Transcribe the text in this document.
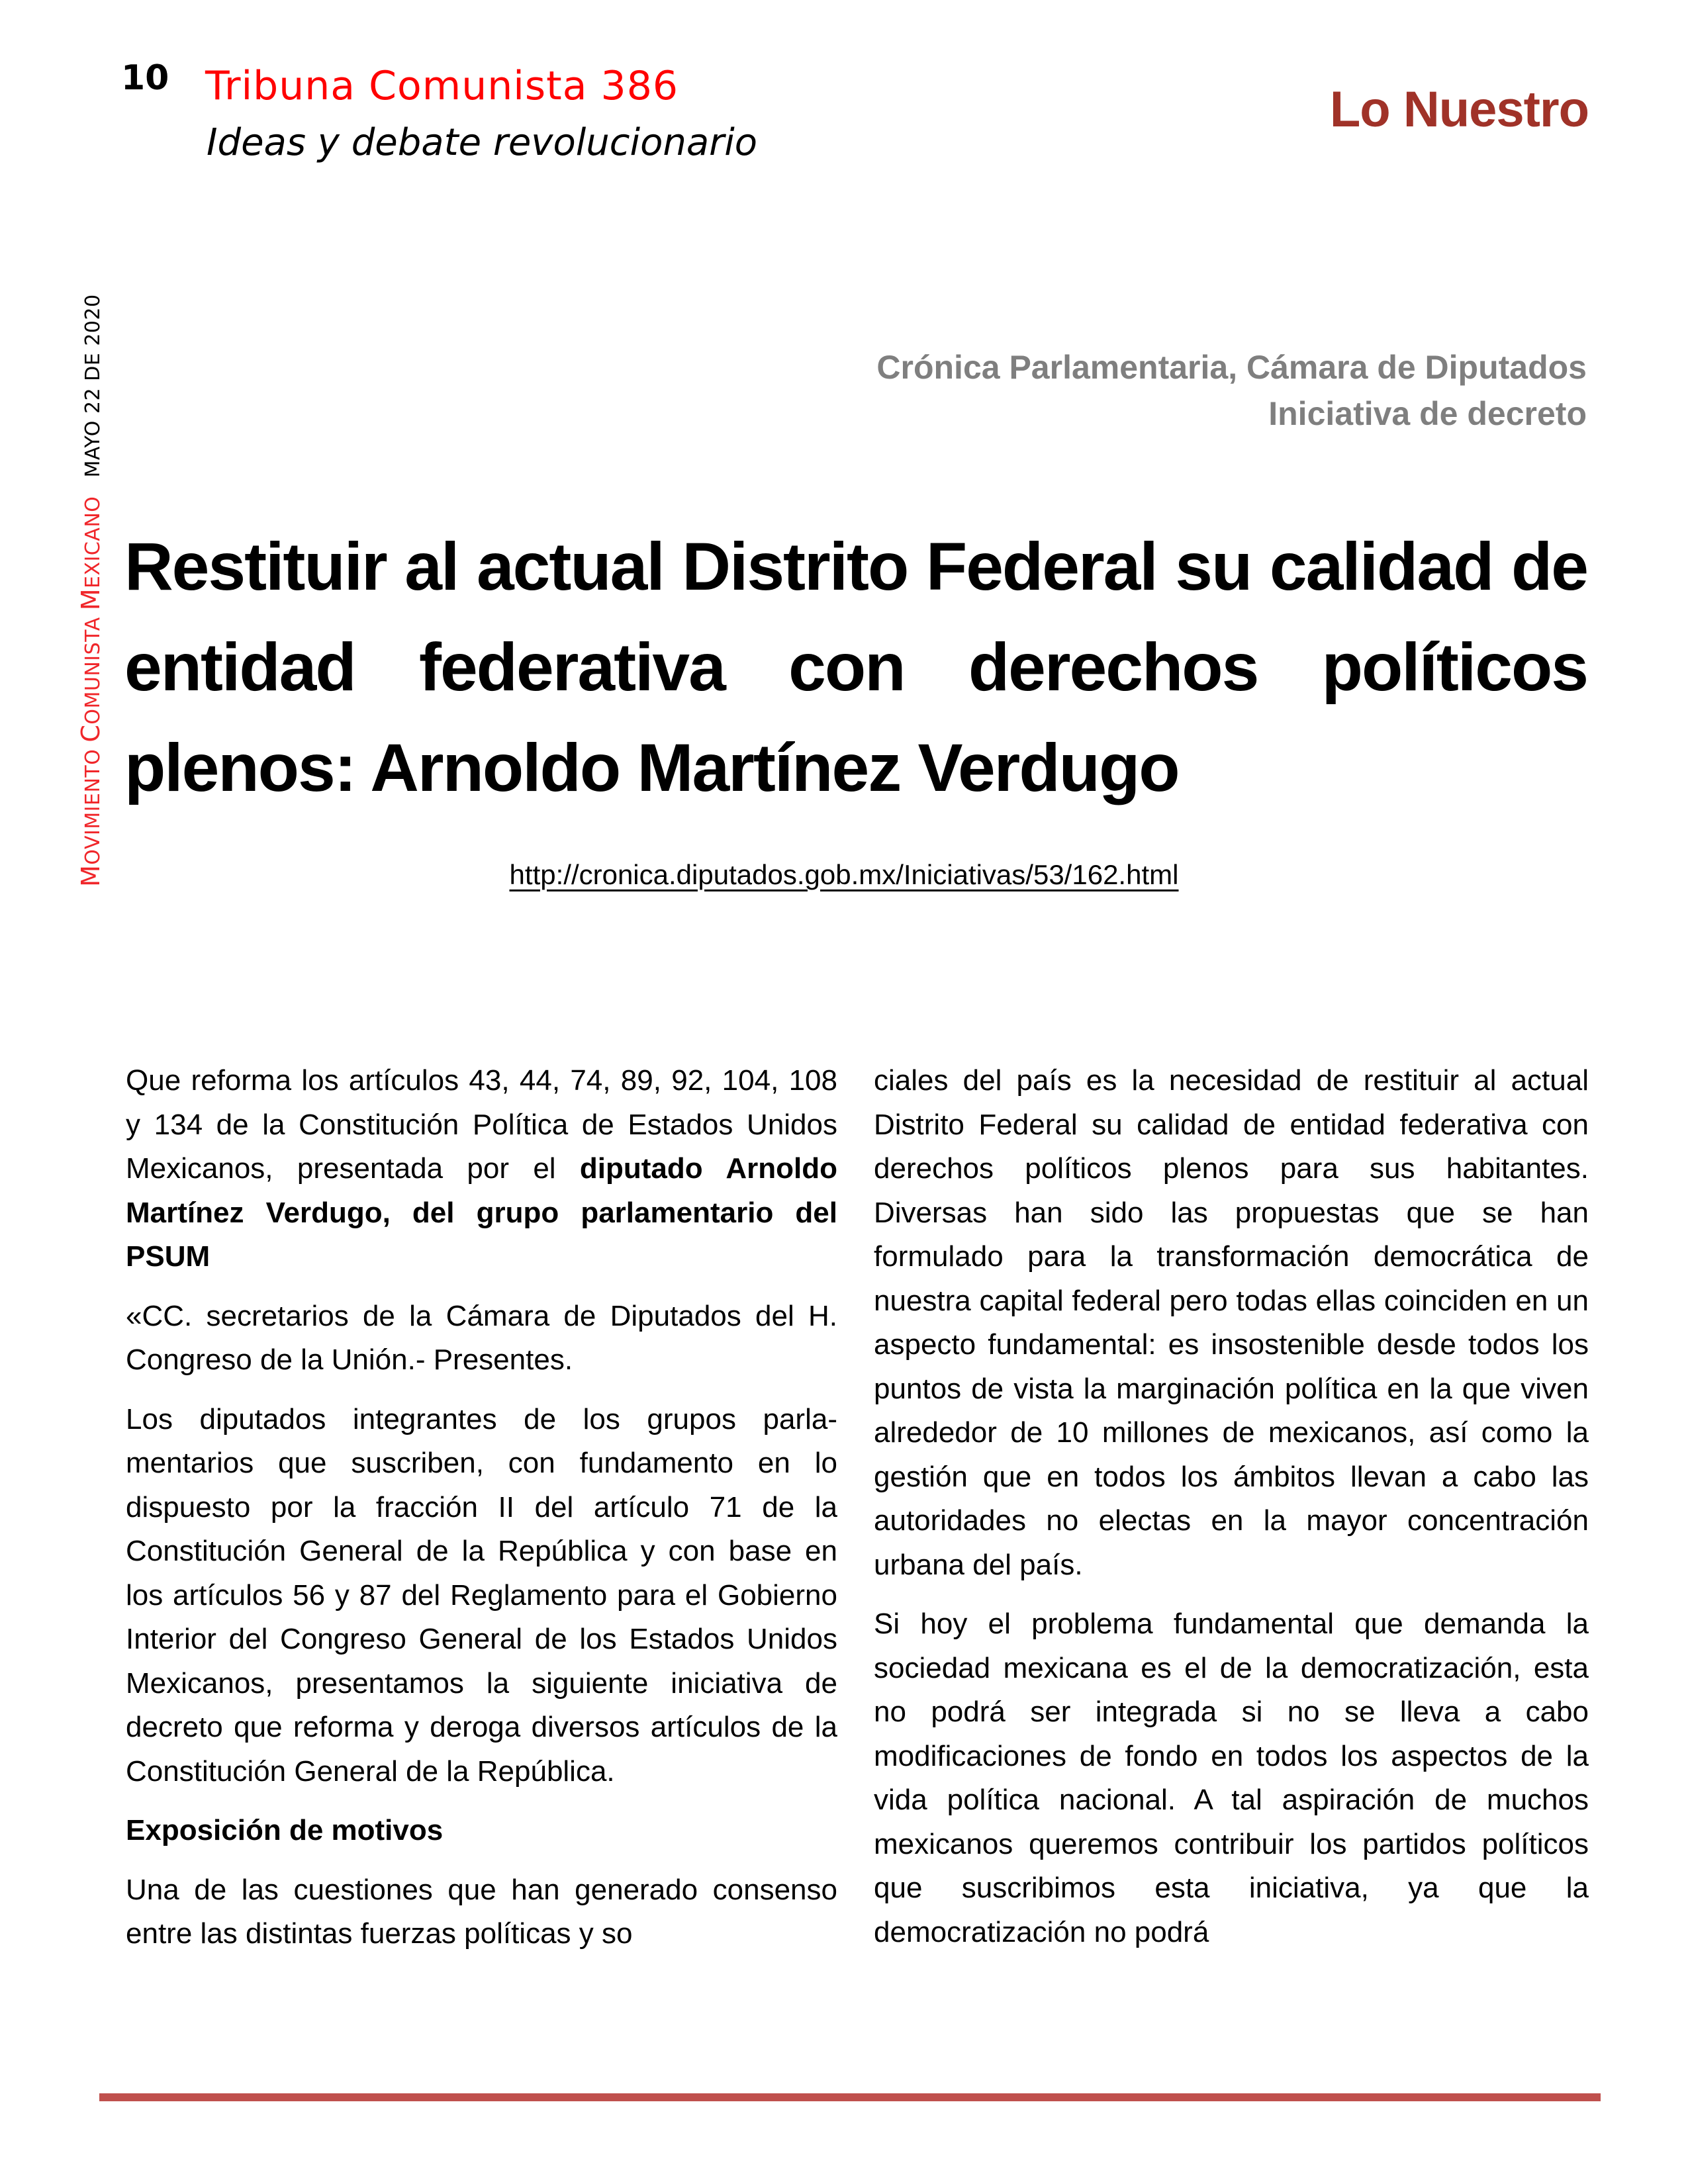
10 Tribuna Comunista 386
Ideas y debate revolucionario
Lo Nuestro
MOVIMIENTO COMUNISTA MEXICANO MAYO 22 DE 2020	Crónica Parlamentaria, Cámara de Diputados
Iniciativa de decreto
Restituir al actual Distrito Federal su calidad de entidad federativa con derechos políticos plenos: Arnoldo Martínez Verdugo
http://cronica.diputados.gob.mx/Iniciativas/53/162.html

Que reforma los artículos 43, 44, 74, 89, 92, 104, 108 y 134 de la Constitución Política de Estados Unidos Mexicanos, presentada por el diputado Arnoldo Martínez Verdugo, del grupo parlamentario del PSUM

«CC. secretarios de la Cámara de Diputados del H. Congreso de la Unión.- Presentes.

Los diputados integrantes de los grupos parlamentarios que suscriben, con fundamento en lo dispuesto por la fracción II del artículo 71 de la Constitución General de la República y con base en los artículos 56 y 87 del Reglamento para el Gobierno Interior del Congreso General de los Estados Unidos Mexicanos, presentamos la siguiente iniciativa de decreto que reforma y deroga diversos artículos de la Constitución General de la República.

Exposición de motivos

Una de las cuestiones que han generado consenso entre las distintas fuerzas políticas y so

ciales del país es la necesidad de restituir al actual Distrito Federal su calidad de entidad federativa con derechos políticos plenos para sus habitantes. Diversas han sido las propuestas que se han formulado para la transformación democrática de nuestra capital federal pero todas ellas coinciden en un aspecto fundamental: es insostenible desde todos los puntos de vista la marginación política en la que viven alrededor de 10 millones de mexicanos, así como la gestión que en todos los ámbitos llevan a cabo las autoridades no electas en la mayor concentración urbana del país.

Si hoy el problema fundamental que demanda la sociedad mexicana es el de la democratización, esta no podrá ser integrada si no se lleva a cabo modificaciones de fondo en todos los aspectos de la vida política nacional. A tal aspiración de muchos mexicanos queremos contribuir los partidos políticos que suscribimos esta iniciativa, ya que la democratización no podrá
